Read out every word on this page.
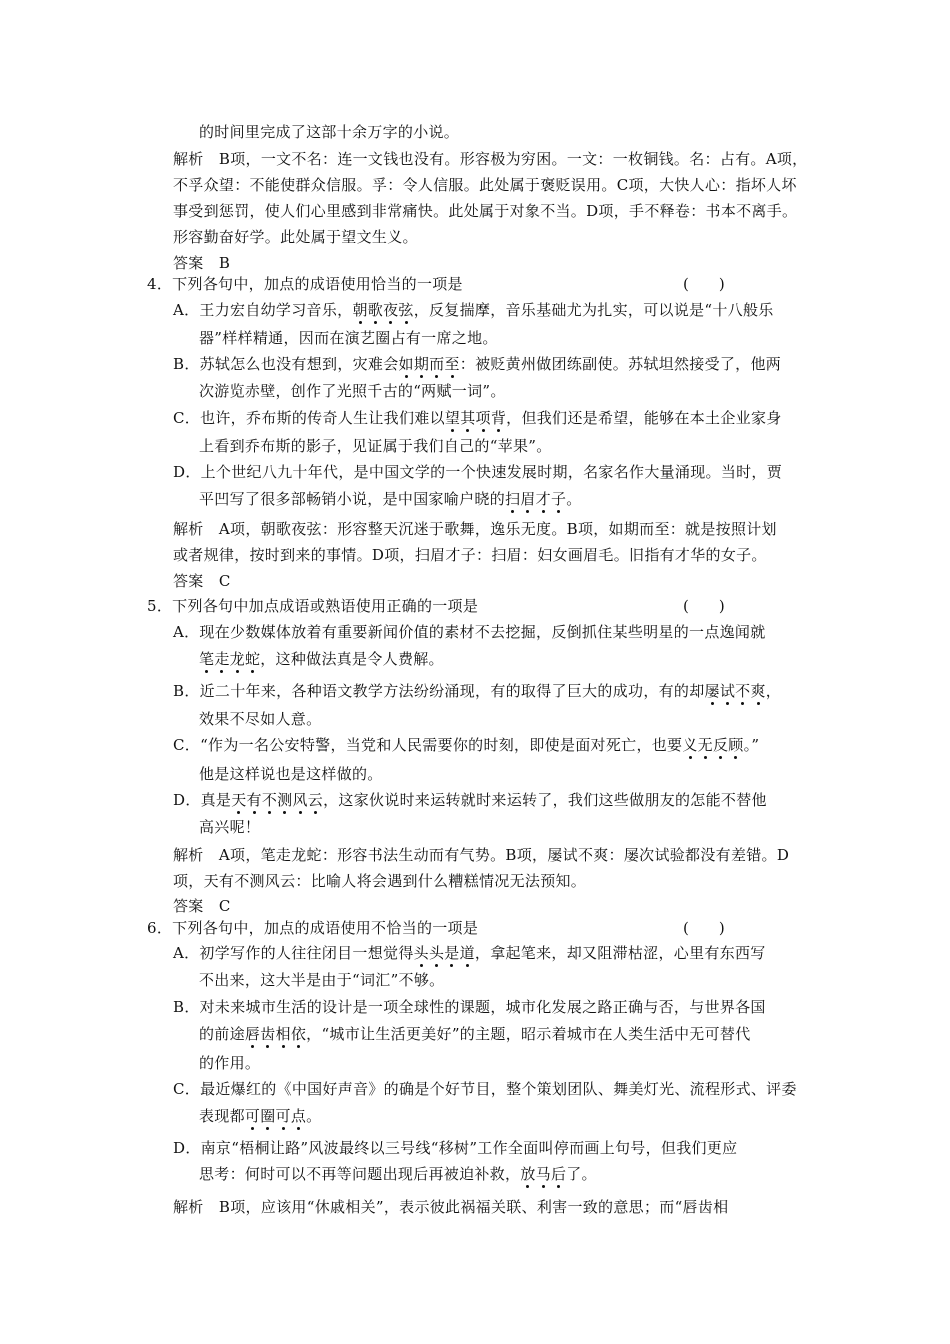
的时间里完成了这部十余万字的小说。
解析　B项，一文不名：连一文钱也没有。形容极为穷困。一文：一枚铜钱。名：占有。A项，
不孚众望：不能使群众信服。孚：令人信服。此处属于褒贬误用。C项，大快人心：指坏人坏
事受到惩罚，使人们心里感到非常痛快。此处属于对象不当。D项，手不释卷：书本不离手。
形容勤奋好学。此处属于望文生义。
答案　B
4．下列各句中，加点的成语使用恰当的一项是	(　　)
A．王力宏自幼学习音乐，朝歌夜弦，反复揣摩，音乐基础尤为扎实，可以说是“十八般乐
器”样样精通，因而在演艺圈占有一席之地。
B．苏轼怎么也没有想到，灾难会如期而至：被贬黄州做团练副使。苏轼坦然接受了，他两
次游览赤壁，创作了光照千古的“两赋一词”。
C．也许，乔布斯的传奇人生让我们难以望其项背，但我们还是希望，能够在本土企业家身
上看到乔布斯的影子，见证属于我们自己的“苹果”。
D．上个世纪八九十年代，是中国文学的一个快速发展时期，名家名作大量涌现。当时，贾
平凹写了很多部畅销小说，是中国家喻户晓的扫眉才子。
解析　A项，朝歌夜弦：形容整天沉迷于歌舞，逸乐无度。B项，如期而至：就是按照计划
或者规律，按时到来的事情。D项，扫眉才子：扫眉：妇女画眉毛。旧指有才华的女子。
答案　C
5．下列各句中加点成语或熟语使用正确的一项是	(　　)
A．现在少数媒体放着有重要新闻价值的素材不去挖掘，反倒抓住某些明星的一点逸闻就
笔走龙蛇，这种做法真是令人费解。
B．近二十年来，各种语文教学方法纷纷涌现，有的取得了巨大的成功，有的却屡试不爽，
效果不尽如人意。
C．“作为一名公安特警，当党和人民需要你的时刻，即使是面对死亡，也要义无反顾。”
他是这样说也是这样做的。
D．真是天有不测风云，这家伙说时来运转就时来运转了，我们这些做朋友的怎能不替他
高兴呢！
解析　A项，笔走龙蛇：形容书法生动而有气势。B项，屡试不爽：屡次试验都没有差错。D
项，天有不测风云：比喻人将会遇到什么糟糕情况无法预知。
答案　C
6．下列各句中，加点的成语使用不恰当的一项是	(　　)
A．初学写作的人往往闭目一想觉得头头是道，拿起笔来，却又阻滞枯涩，心里有东西写
不出来，这大半是由于“词汇”不够。
B．对未来城市生活的设计是一项全球性的课题，城市化发展之路正确与否，与世界各国
的前途唇齿相依，“城市让生活更美好”的主题，昭示着城市在人类生活中无可替代
的作用。
C．最近爆红的《中国好声音》的确是个好节目，整个策划团队、舞美灯光、流程形式、评委
表现都可圈可点。
D．南京“梧桐让路”风波最终以三号线“移树”工作全面叫停而画上句号，但我们更应
思考：何时可以不再等问题出现后再被迫补救，放马后了。
解析　B项，应该用“休戚相关”，表示彼此祸福关联、利害一致的意思；而“唇齿相
